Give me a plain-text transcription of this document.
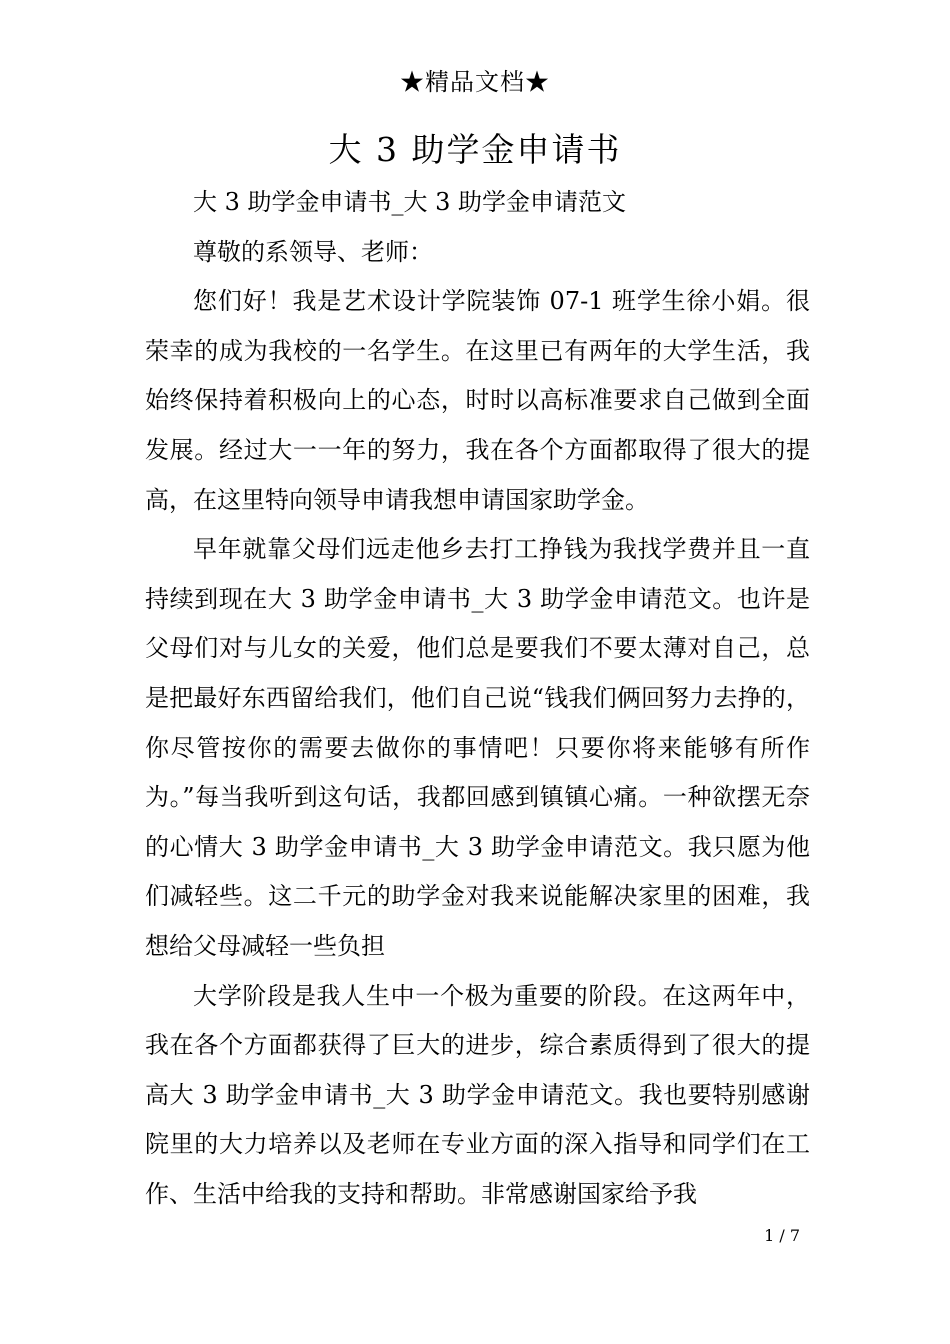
★精品文档★
大 3 助学金申请书

大 3 助学金申请书_大 3 助学金申请范文

尊敬的系领导、老师：

您们好！我是艺术设计学院装饰 07-1 班学生徐小娟。很荣幸的成为我校的一名学生。在这里已有两年的大学生活，我始终保持着积极向上的心态，时时以高标准要求自己做到全面发展。经过大一一年的努力，我在各个方面都取得了很大的提高，在这里特向领导申请我想申请国家助学金。

早年就靠父母们远走他乡去打工挣钱为我找学费并且一直持续到现在大 3 助学金申请书_大 3 助学金申请范文。也许是父母们对与儿女的关爱，他们总是要我们不要太薄对自己，总是把最好东西留给我们，他们自己说“钱我们俩回努力去挣的，你尽管按你的需要去做你的事情吧！只要你将来能够有所作为。”每当我听到这句话，我都回感到镇镇心痛。一种欲摆无奈的心情大 3 助学金申请书_大 3 助学金申请范文。我只愿为他们减轻些。这二千元的助学金对我来说能解决家里的困难，我想给父母减轻一些负担

大学阶段是我人生中一个极为重要的阶段。在这两年中，我在各个方面都获得了巨大的进步，综合素质得到了很大的提高大 3 助学金申请书_大 3 助学金申请范文。我也要特别感谢院里的大力培养以及老师在专业方面的深入指导和同学们在工作、生活中给我的支持和帮助。非常感谢国家给予我

1 / 7
